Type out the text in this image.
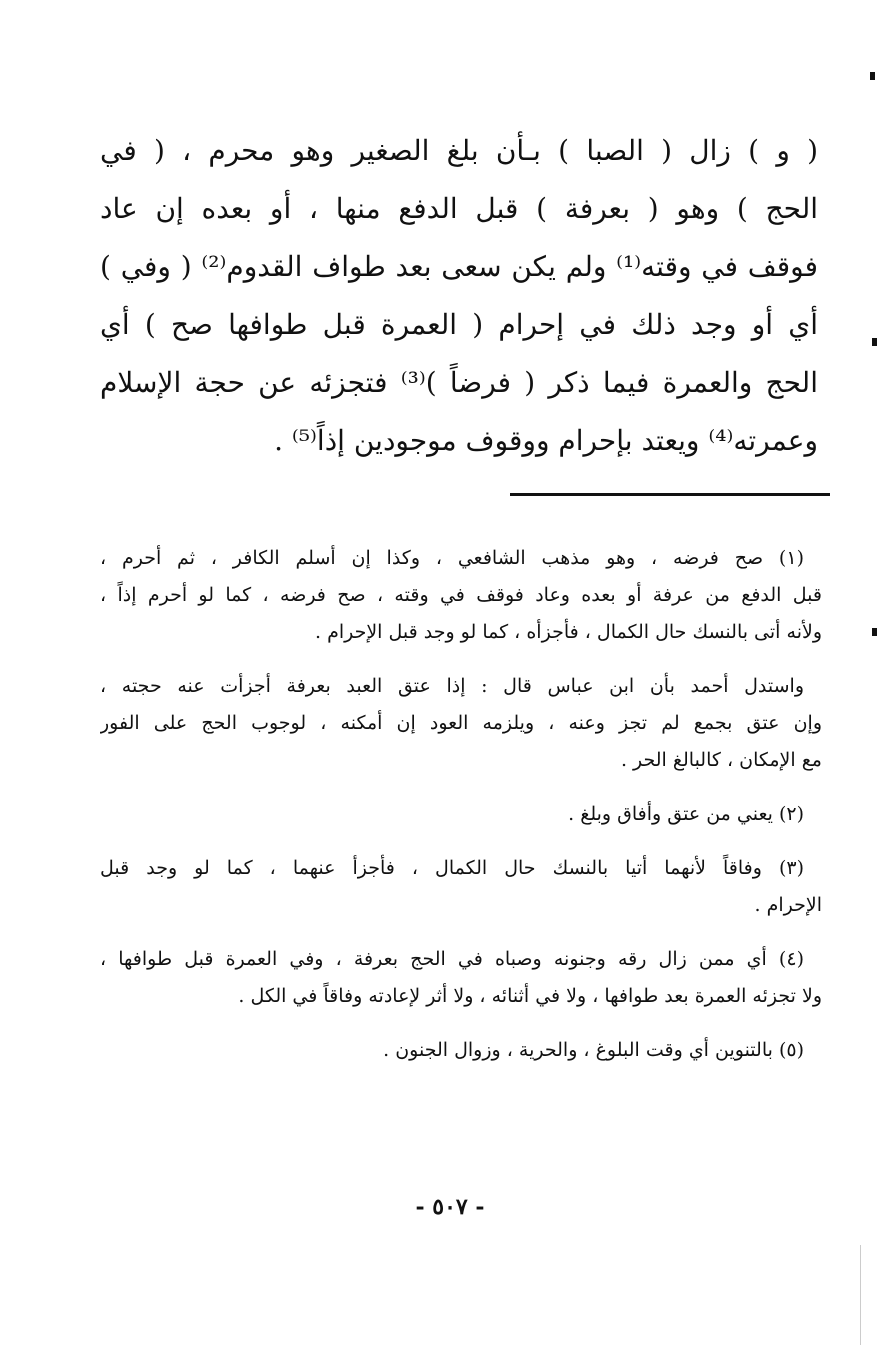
( و ) زال ( الصبا ) بـأن بلغ الصغير وهو محرم ، ( في
الحج ) وهو ( بعرفة ) قبل الدفع منها ، أو بعده إن عاد
فوقف في وقته⁽¹⁾ ولم يكن سعى بعد طواف القدوم⁽²⁾ ( وفي )
أي أو وجد ذلك في إحرام ( العمرة قبل طوافها صح ) أي
الحج والعمرة فيما ذكر ( فرضاً )⁽³⁾ فتجزئه عن حجة الإسلام
وعمرته⁽⁴⁾ ويعتد بإحرام ووقوف موجودين إذاً⁽⁵⁾ .
(١) صح فرضه ، وهو مذهب الشافعي ، وكذا إن أسلم الكافر ، ثم أحرم ،
قبل الدفع من عرفة أو بعده وعاد فوقف في وقته ، صح فرضه ، كما لو أحرم إذاً ،
ولأنه أتى بالنسك حال الكمال ، فأجزأه ، كما لو وجد قبل الإحرام .
واستدل أحمد بأن ابن عباس قال : إذا عتق العبد بعرفة أجزأت عنه حجته ،
وإن عتق بجمع لم تجز وعنه ، ويلزمه العود إن أمكنه ، لوجوب الحج على الفور
مع الإمكان ، كالبالغ الحر .
(٢) يعني من عتق وأفاق وبلغ .
(٣) وفاقاً لأنهما أتيا بالنسك حال الكمال ، فأجزأ عنهما ، كما لو وجد قبل
الإحرام .
(٤) أي ممن زال رقه وجنونه وصباه في الحج بعرفة ، وفي العمرة قبل طوافها ،
ولا تجزئه العمرة بعد طوافها ، ولا في أثنائه ، ولا أثر لإعادته وفاقاً في الكل .
(٥) بالتنوين أي وقت البلوغ ، والحرية ، وزوال الجنون .
- ٥٠٧ -
